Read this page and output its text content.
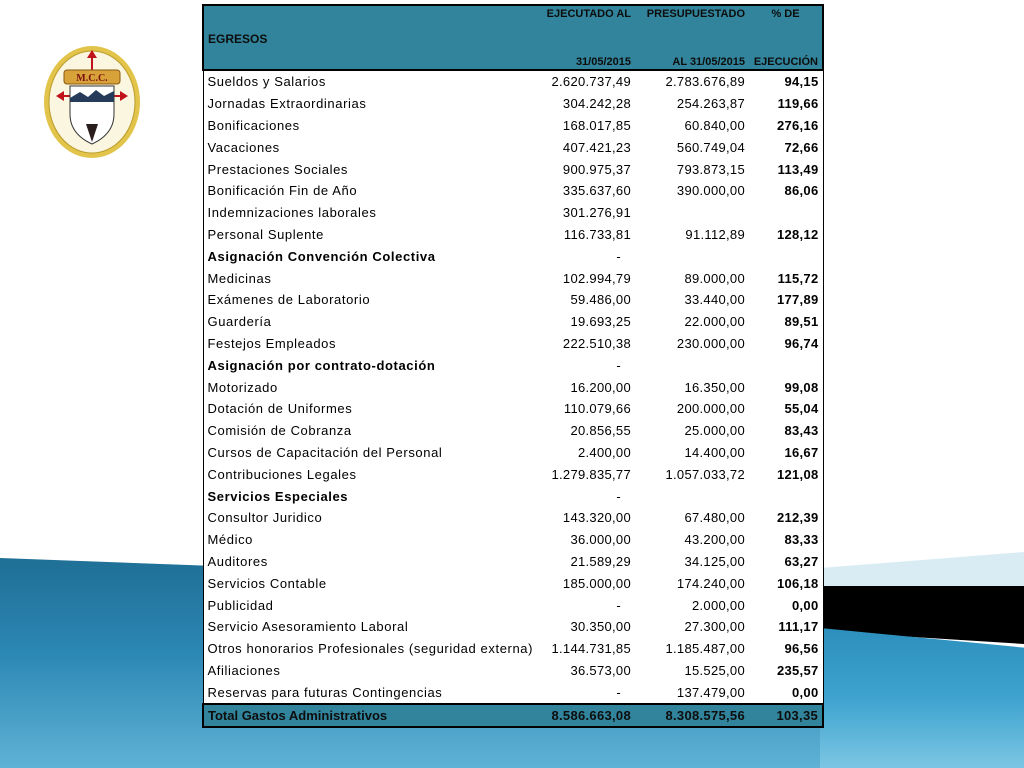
M.C.C.
	EJECUTADO AL	PRESUPUESTADO	% DE
EGRESOS			
	31/05/2015	AL 31/05/2015	EJECUCIÓN
Sueldos y Salarios	2.620.737,49	2.783.676,89	94,15
Jornadas Extraordinarias	304.242,28	254.263,87	119,66
Bonificaciones	168.017,85	60.840,00	276,16
Vacaciones	407.421,23	560.749,04	72,66
Prestaciones Sociales	900.975,37	793.873,15	113,49
Bonificación Fin de Año	335.637,60	390.000,00	86,06
Indemnizaciones laborales	301.276,91		
Personal Suplente	116.733,81	91.112,89	128,12
Asignación Convención Colectiva	-		
Medicinas	102.994,79	89.000,00	115,72
Exámenes de Laboratorio	59.486,00	33.440,00	177,89
Guardería	19.693,25	22.000,00	89,51
Festejos Empleados	222.510,38	230.000,00	96,74
Asignación por contrato-dotación	-		
Motorizado	16.200,00	16.350,00	99,08
Dotación de Uniformes	110.079,66	200.000,00	55,04
Comisión de Cobranza	20.856,55	25.000,00	83,43
Cursos de Capacitación del Personal	2.400,00	14.400,00	16,67
Contribuciones Legales	1.279.835,77	1.057.033,72	121,08
Servicios Especiales	-		
Consultor Juridico	143.320,00	67.480,00	212,39
Médico	36.000,00	43.200,00	83,33
Auditores	21.589,29	34.125,00	63,27
Servicios Contable	185.000,00	174.240,00	106,18
Publicidad	-	2.000,00	0,00
Servicio Asesoramiento Laboral	30.350,00	27.300,00	111,17
Otros honorarios Profesionales (seguridad externa)	1.144.731,85	1.185.487,00	96,56
Afiliaciones	36.573,00	15.525,00	235,57
Reservas para futuras Contingencias	-	137.479,00	0,00
Total Gastos Administrativos	8.586.663,08	8.308.575,56	103,35
